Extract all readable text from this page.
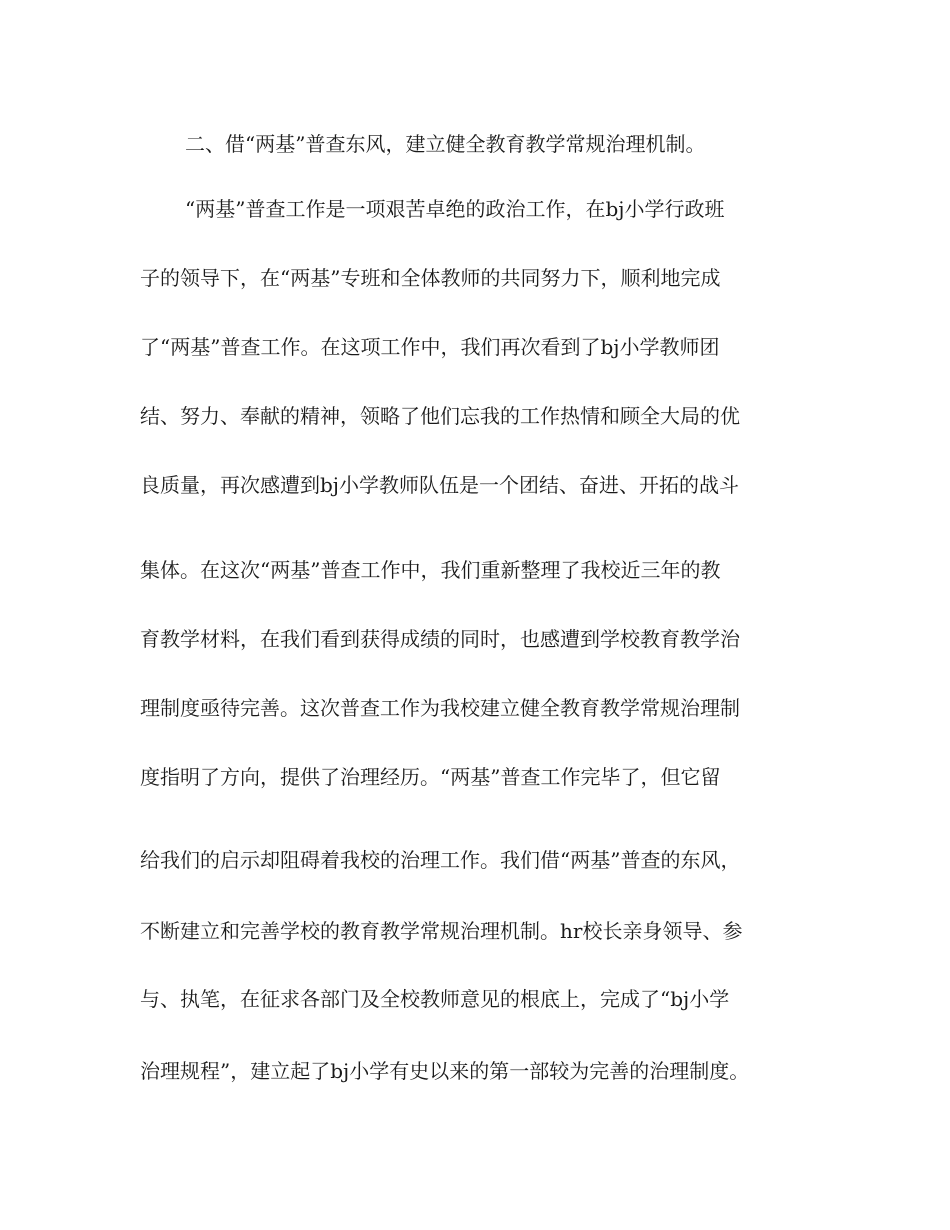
二、借“两基”普查东风，建立健全教育教学常规治理机制。
“两基”普查工作是一项艰苦卓绝的政治工作，在bj小学行政班
子的领导下，在“两基”专班和全体教师的共同努力下，顺利地完成
了“两基”普查工作。在这项工作中，我们再次看到了bj小学教师团
结、努力、奉献的精神，领略了他们忘我的工作热情和顾全大局的优
良质量，再次感遭到bj小学教师队伍是一个团结、奋进、开拓的战斗
集体。在这次“两基”普查工作中，我们重新整理了我校近三年的教
育教学材料，在我们看到获得成绩的同时，也感遭到学校教育教学治
理制度亟待完善。这次普查工作为我校建立健全教育教学常规治理制
度指明了方向，提供了治理经历。“两基”普查工作完毕了，但它留
给我们的启示却阻碍着我校的治理工作。我们借“两基”普查的东风，
不断建立和完善学校的教育教学常规治理机制。hr校长亲身领导、参
与、执笔，在征求各部门及全校教师意见的根底上，完成了“bj小学
治理规程”，建立起了bj小学有史以来的第一部较为完善的治理制度。
